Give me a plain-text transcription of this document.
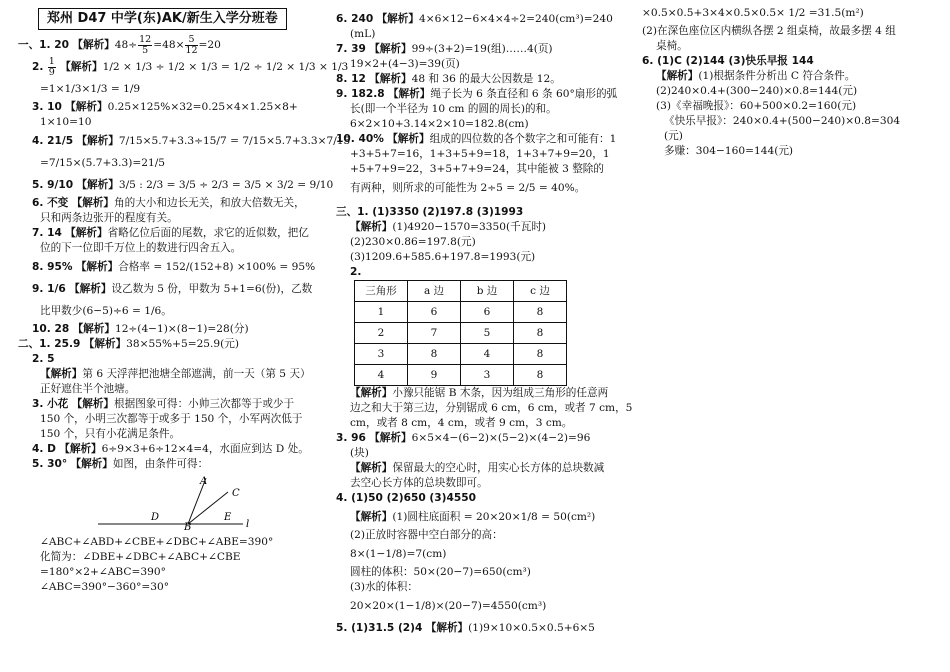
郑州 D47 中学(东)AK/新生入学分班卷
一、1. 20 【解析】$48\div \frac{12}{5} =48\times \frac{5}{12} =20$
2. $\frac{1}{9}$ 【解析】1/2 × 1/3 ÷ 1/2 × 1/3 = 1/2 ÷ 1/2 × 1/3 × 1/3
=1×1/3×1/3 = 1/9
3. 10 【解析】0.25×125%×32=0.25×4×1.25×8+
1×10=10
4. 21/5 【解析】7/15×5.7+3.3÷15/7 = 7/15×5.7+3.3×7/15
=7/15×(5.7+3.3)=21/5
5. 9/10 【解析】3/5 : 2/3 = 3/5 ÷ 2/3 = 3/5 × 3/2 = 9/10
6. 不变 【解析】角的大小和边长无关，和放大倍数无关，
只和两条边张开的程度有关。
7. 14 【解析】省略亿位后面的尾数，求它的近似数，把亿
位的下一位即千万位上的数进行四舍五入。
8. 95% 【解析】合格率 = 152/(152+8) ×100% = 95%
9. 1/6 【解析】设乙数为 5 份，甲数为 5+1=6(份)，乙数
比甲数少(6−5)÷6 = 1/6。
10. 28 【解析】12÷(4−1)×(8−1)=28(分)
二、1. 25.9 【解析】38×55%+5=25.9(元)
2. 5
【解析】第 6 天浮萍把池塘全部遮满，前一天（第 5 天）
正好遮住半个池塘。
3. 小花 【解析】根据图象可得：小帅三次都等于或少于
150 个，小明三次都等于或多于 150 个，小军两次低于
150 个，只有小花满足条件。
4. D 【解析】6÷9×3+6÷12×4=4，水面应到达 D 处。
5. 30° 【解析】如图，由条件可得：
A
C
D
B
E
l
∠ABC+∠ABD+∠CBE+∠DBC+∠ABE=390°
化简为：∠DBE+∠DBC+∠ABC+∠CBE
=180°×2+∠ABC=390°
∠ABC=390°−360°=30°
6. 240 【解析】4×6×12−6×4×4÷2=240(cm³)=240
(mL)
7. 39 【解析】99÷(3+2)=19(组)……4(页)
19×2+(4−3)=39(页)
8. 12 【解析】48 和 36 的最大公因数是 12。
9. 182.8 【解析】绳子长为 6 条直径和 6 条 60°扇形的弧
长(即一个半径为 10 cm 的圆的周长)的和。
6×2×10+3.14×2×10=182.8(cm)
10. 40% 【解析】组成的四位数的各个数字之和可能有：1
+3+5+7=16，1+3+5+9=18，1+3+7+9=20，1
+5+7+9=22，3+5+7+9=24，其中能被 3 整除的
有两种，则所求的可能性为 2÷5 = 2/5 = 40%。
三、1. (1)3350 (2)197.8 (3)1993
【解析】(1)4920−1570=3350(千瓦时)
(2)230×0.86=197.8(元)
(3)1209.6+585.6+197.8=1993(元)
2.
三角形	a 边	b 边	c 边
1	6	6	8
2	7	5	8
3	8	4	8
4	9	3	8
【解析】小豫只能锯 B 木条，因为组成三角形的任意两
边之和大于第三边，分别锯成 6 cm，6 cm，或者 7 cm，5
cm，或者 8 cm，4 cm，或者 9 cm，3 cm。
3. 96 【解析】6×5×4−(6−2)×(5−2)×(4−2)=96
(块)
【解析】保留最大的空心时，用实心长方体的总块数减
去空心长方体的总块数即可。
4. (1)50 (2)650 (3)4550
【解析】(1)圆柱底面积 = 20×20×1/8 = 50(cm²)
(2)正放时容器中空白部分的高：
8×(1−1/8)=7(cm)
圆柱的体积：50×(20−7)=650(cm³)
(3)水的体积：
20×20×(1−1/8)×(20−7)=4550(cm³)
5. (1)31.5 (2)4 【解析】(1)9×10×0.5×0.5+6×5
×0.5×0.5+3×4×0.5×0.5× 1/2 =31.5(m²)
(2)在深色座位区内横纵各摆 2 组桌椅，故最多摆 4 组
桌椅。
6. (1)C (2)144 (3)快乐早报 144
【解析】(1)根据条件分析出 C 符合条件。
(2)240×0.4+(300−240)×0.8=144(元)
(3)《幸福晚报》：60+500×0.2=160(元)
《快乐早报》：240×0.4+(500−240)×0.8=304
(元)
多赚：304−160=144(元)
